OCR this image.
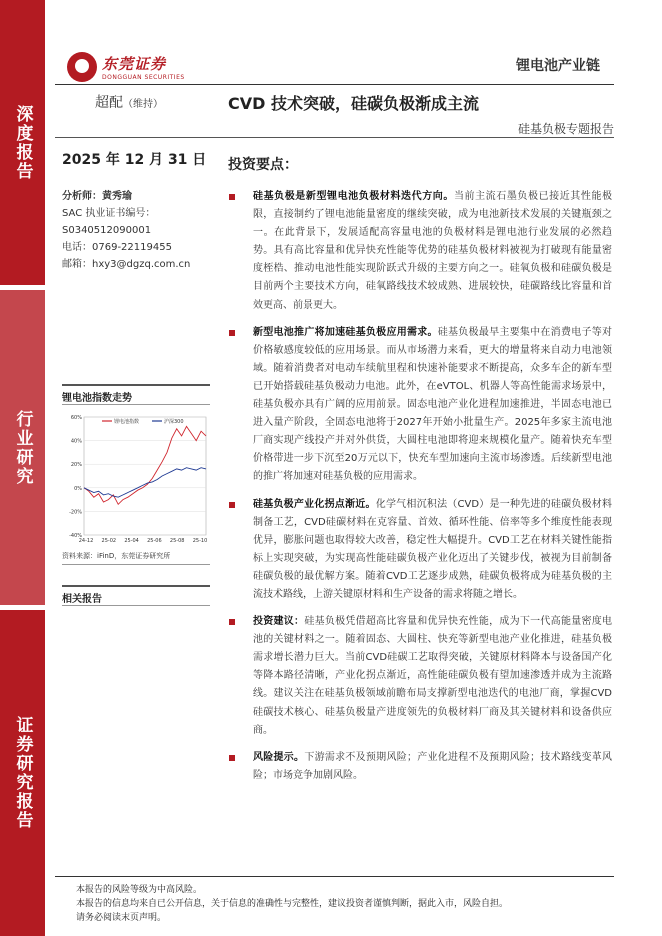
深度报告
行业研究
证券研究报告
东莞证券
DONGGUAN SECURITIES
锂电池产业链
超配（维持）	CVD 技术突破，硅碳负极渐成主流
硅基负极专题报告
2025 年 12 月 31 日
分析师：黄秀瑜
SAC 执业证书编号：
S0340512090001
电话：0769-22119455
邮箱：hxy3@dgzq.com.cn
锂电池指数走势
60%
40%
20%
0%
-20%
-40%
24-12 25-02 25-04 25-06 25-08 25-10
锂电池指数	沪深300
资料来源：iFinD，东莞证券研究所
相关报告
投资要点：
硅基负极是新型锂电池负极材料迭代方向。当前主流石墨负极已接近其性能极限，直接制约了锂电池能量密度的继续突破，成为电池新技术发展的关键瓶颈之一。在此背景下，发展适配高容量电池的负极材料是锂电池行业发展的必然趋势。具有高比容量和优异快充性能等优势的硅基负极材料被视为打破现有能量密度桎梏、推动电池性能实现阶跃式升级的主要方向之一。硅氧负极和硅碳负极是目前两个主要技术方向，硅氧路线技术较成熟、进展较快，硅碳路线比容量和首效更高、前景更大。
新型电池推广将加速硅基负极应用需求。硅基负极最早主要集中在消费电子等对价格敏感度较低的应用场景。而从市场潜力来看，更大的增量将来自动力电池领域。随着消费者对电动车续航里程和快速补能要求不断提高，众多车企的新车型已开始搭载硅基负极动力电池。此外，在eVTOL、机器人等高性能需求场景中，硅基负极亦具有广阔的应用前景。固态电池产业化进程加速推进，半固态电池已进入量产阶段，全固态电池将于2027年开始小批量生产。2025年多家主流电池厂商实现产线投产并对外供货，大圆柱电池即将迎来规模化量产。随着快充车型价格带进一步下沉至20万元以下，快充车型加速向主流市场渗透。后续新型电池的推广将加速对硅基负极的应用需求。
硅基负极产业化拐点渐近。化学气相沉积法（CVD）是一种先进的硅碳负极材料制备工艺，CVD硅碳材料在克容量、首效、循环性能、倍率等多个维度性能表现优异，膨胀问题也取得较大改善，稳定性大幅提升。CVD工艺在材料关键性能指标上实现突破，为实现高性能硅碳负极产业化迈出了关键步伐，被视为目前制备硅碳负极的最优解方案。随着CVD工艺逐步成熟，硅碳负极将成为硅基负极的主流技术路线，上游关键原材料和生产设备的需求将随之增长。
投资建议：硅基负极凭借超高比容量和优异快充性能，成为下一代高能量密度电池的关键材料之一。随着固态、大圆柱、快充等新型电池产业化推进，硅基负极需求增长潜力巨大。当前CVD硅碳工艺取得突破，关键原材料降本与设备国产化等降本路径清晰，产业化拐点渐近，高性能硅碳负极有望加速渗透并成为主流路线。建议关注在硅基负极领域前瞻布局支撑新型电池迭代的电池厂商，掌握CVD硅碳技术核心、硅基负极量产进度领先的负极材料厂商及其关键材料和设备供应商。
风险提示。下游需求不及预期风险；产业化进程不及预期风险；技术路线变革风险；市场竞争加剧风险。
本报告的风险等级为中高风险。
本报告的信息均来自已公开信息，关于信息的准确性与完整性，建议投资者谨慎判断，据此入市，风险自担。
请务必阅读末页声明。
